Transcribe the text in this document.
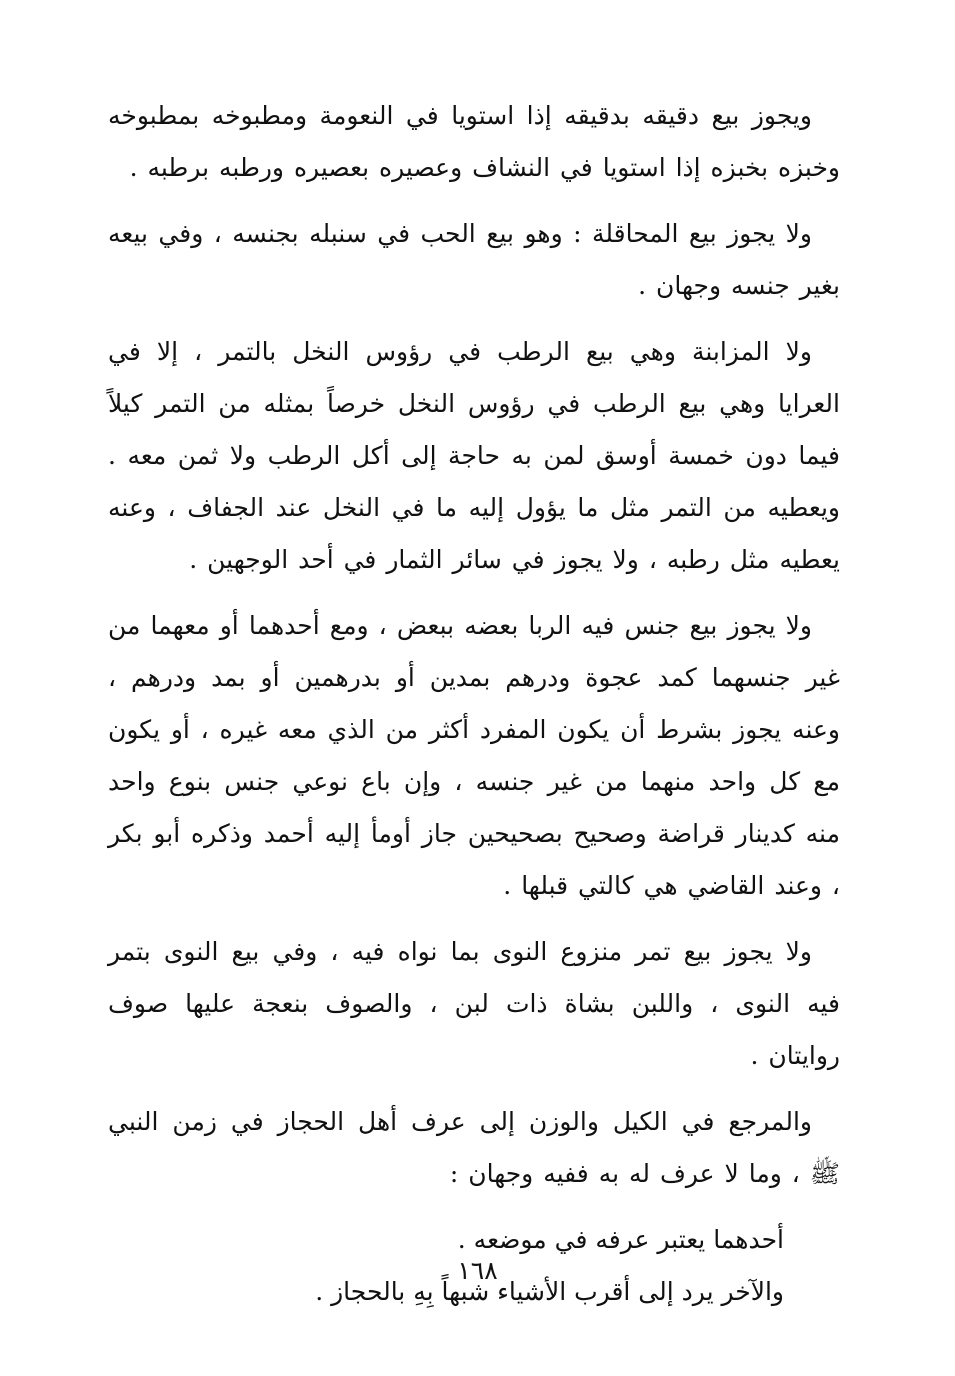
ويجوز بيع دقيقه بدقيقه إذا استويا في النعومة ومطبوخه بمطبوخه وخبزه بخبزه إذا استويا في النشاف وعصيره بعصيره ورطبه برطبه .

ولا يجوز بيع المحاقلة : وهو بيع الحب في سنبله بجنسه ، وفي بيعه بغير جنسه وجهان .

ولا المزابنة وهي بيع الرطب في رؤوس النخل بالتمر ، إلا في العرايا وهي بيع الرطب في رؤوس النخل خرصاً بمثله من التمر كيلاً فيما دون خمسة أوسق لمن به حاجة إلى أكل الرطب ولا ثمن معه . ويعطيه من التمر مثل ما يؤول إليه ما في النخل عند الجفاف ، وعنه يعطيه مثل رطبه ، ولا يجوز في سائر الثمار في أحد الوجهين .

ولا يجوز بيع جنس فيه الربا بعضه ببعض ، ومع أحدهما أو معهما من غير جنسهما كمد عجوة ودرهم بمدين أو بدرهمين أو بمد ودرهم ، وعنه يجوز بشرط أن يكون المفرد أكثر من الذي معه غيره ، أو يكون مع كل واحد منهما من غير جنسه ، وإن باع نوعي جنس بنوع واحد منه كدينار قراضة وصحيح بصحيحين جاز أومأ إليه أحمد وذكره أبو بكر ، وعند القاضي هي كالتي قبلها .

ولا يجوز بيع تمر منزوع النوى بما نواه فيه ، وفي بيع النوى بتمر فيه النوى ، واللبن بشاة ذات لبن ، والصوف بنعجة عليها صوف روايتان .

والمرجع في الكيل والوزن إلى عرف أهل الحجاز في زمن النبي ﷺ ، وما لا عرف له به ففيه وجهان :

أحدهما يعتبر عرفه في موضعه .

والآخر يرد إلى أقرب الأشياء شبهاً بِهِ بالحجاز .

١٦٨
